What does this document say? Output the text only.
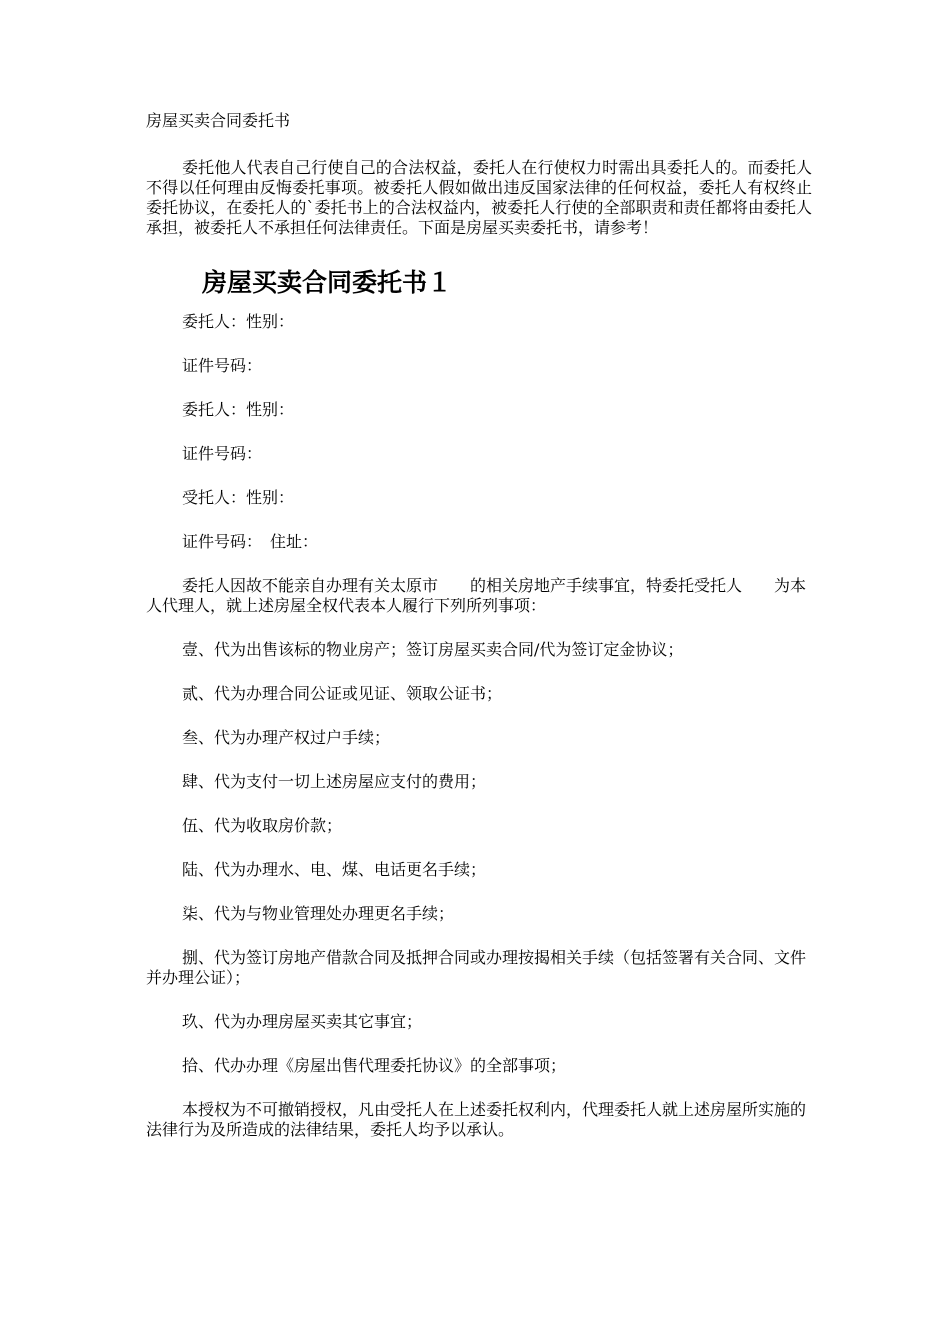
房屋买卖合同委托书

委托他人代表自己行使自己的合法权益，委托人在行使权力时需出具委托人的。而委托人不得以任何理由反悔委托事项。被委托人假如做出违反国家法律的任何权益，委托人有权终止委托协议，在委托人的`委托书上的合法权益内，被委托人行使的全部职责和责任都将由委托人承担，被委托人不承担任何法律责任。下面是房屋买卖委托书，请参考！

房屋买卖合同委托书１

委托人：性别：

证件号码：

委托人：性别：

证件号码：

受托人：性别：

证件号码：　住址：

委托人因故不能亲自办理有关太原市　　的相关房地产手续事宜，特委托受托人　　为本人代理人，就上述房屋全权代表本人履行下列所列事项：

壹、代为出售该标的物业房产；签订房屋买卖合同/代为签订定金协议；

贰、代为办理合同公证或见证、领取公证书；

叁、代为办理产权过户手续；

肆、代为支付一切上述房屋应支付的费用；

伍、代为收取房价款；

陆、代为办理水、电、煤、电话更名手续；

柒、代为与物业管理处办理更名手续；

捌、代为签订房地产借款合同及抵押合同或办理按揭相关手续（包括签署有关合同、文件并办理公证）；

玖、代为办理房屋买卖其它事宜；

拾、代办办理《房屋出售代理委托协议》的全部事项；

本授权为不可撤销授权，凡由受托人在上述委托权利内，代理委托人就上述房屋所实施的法律行为及所造成的法律结果，委托人均予以承认。
